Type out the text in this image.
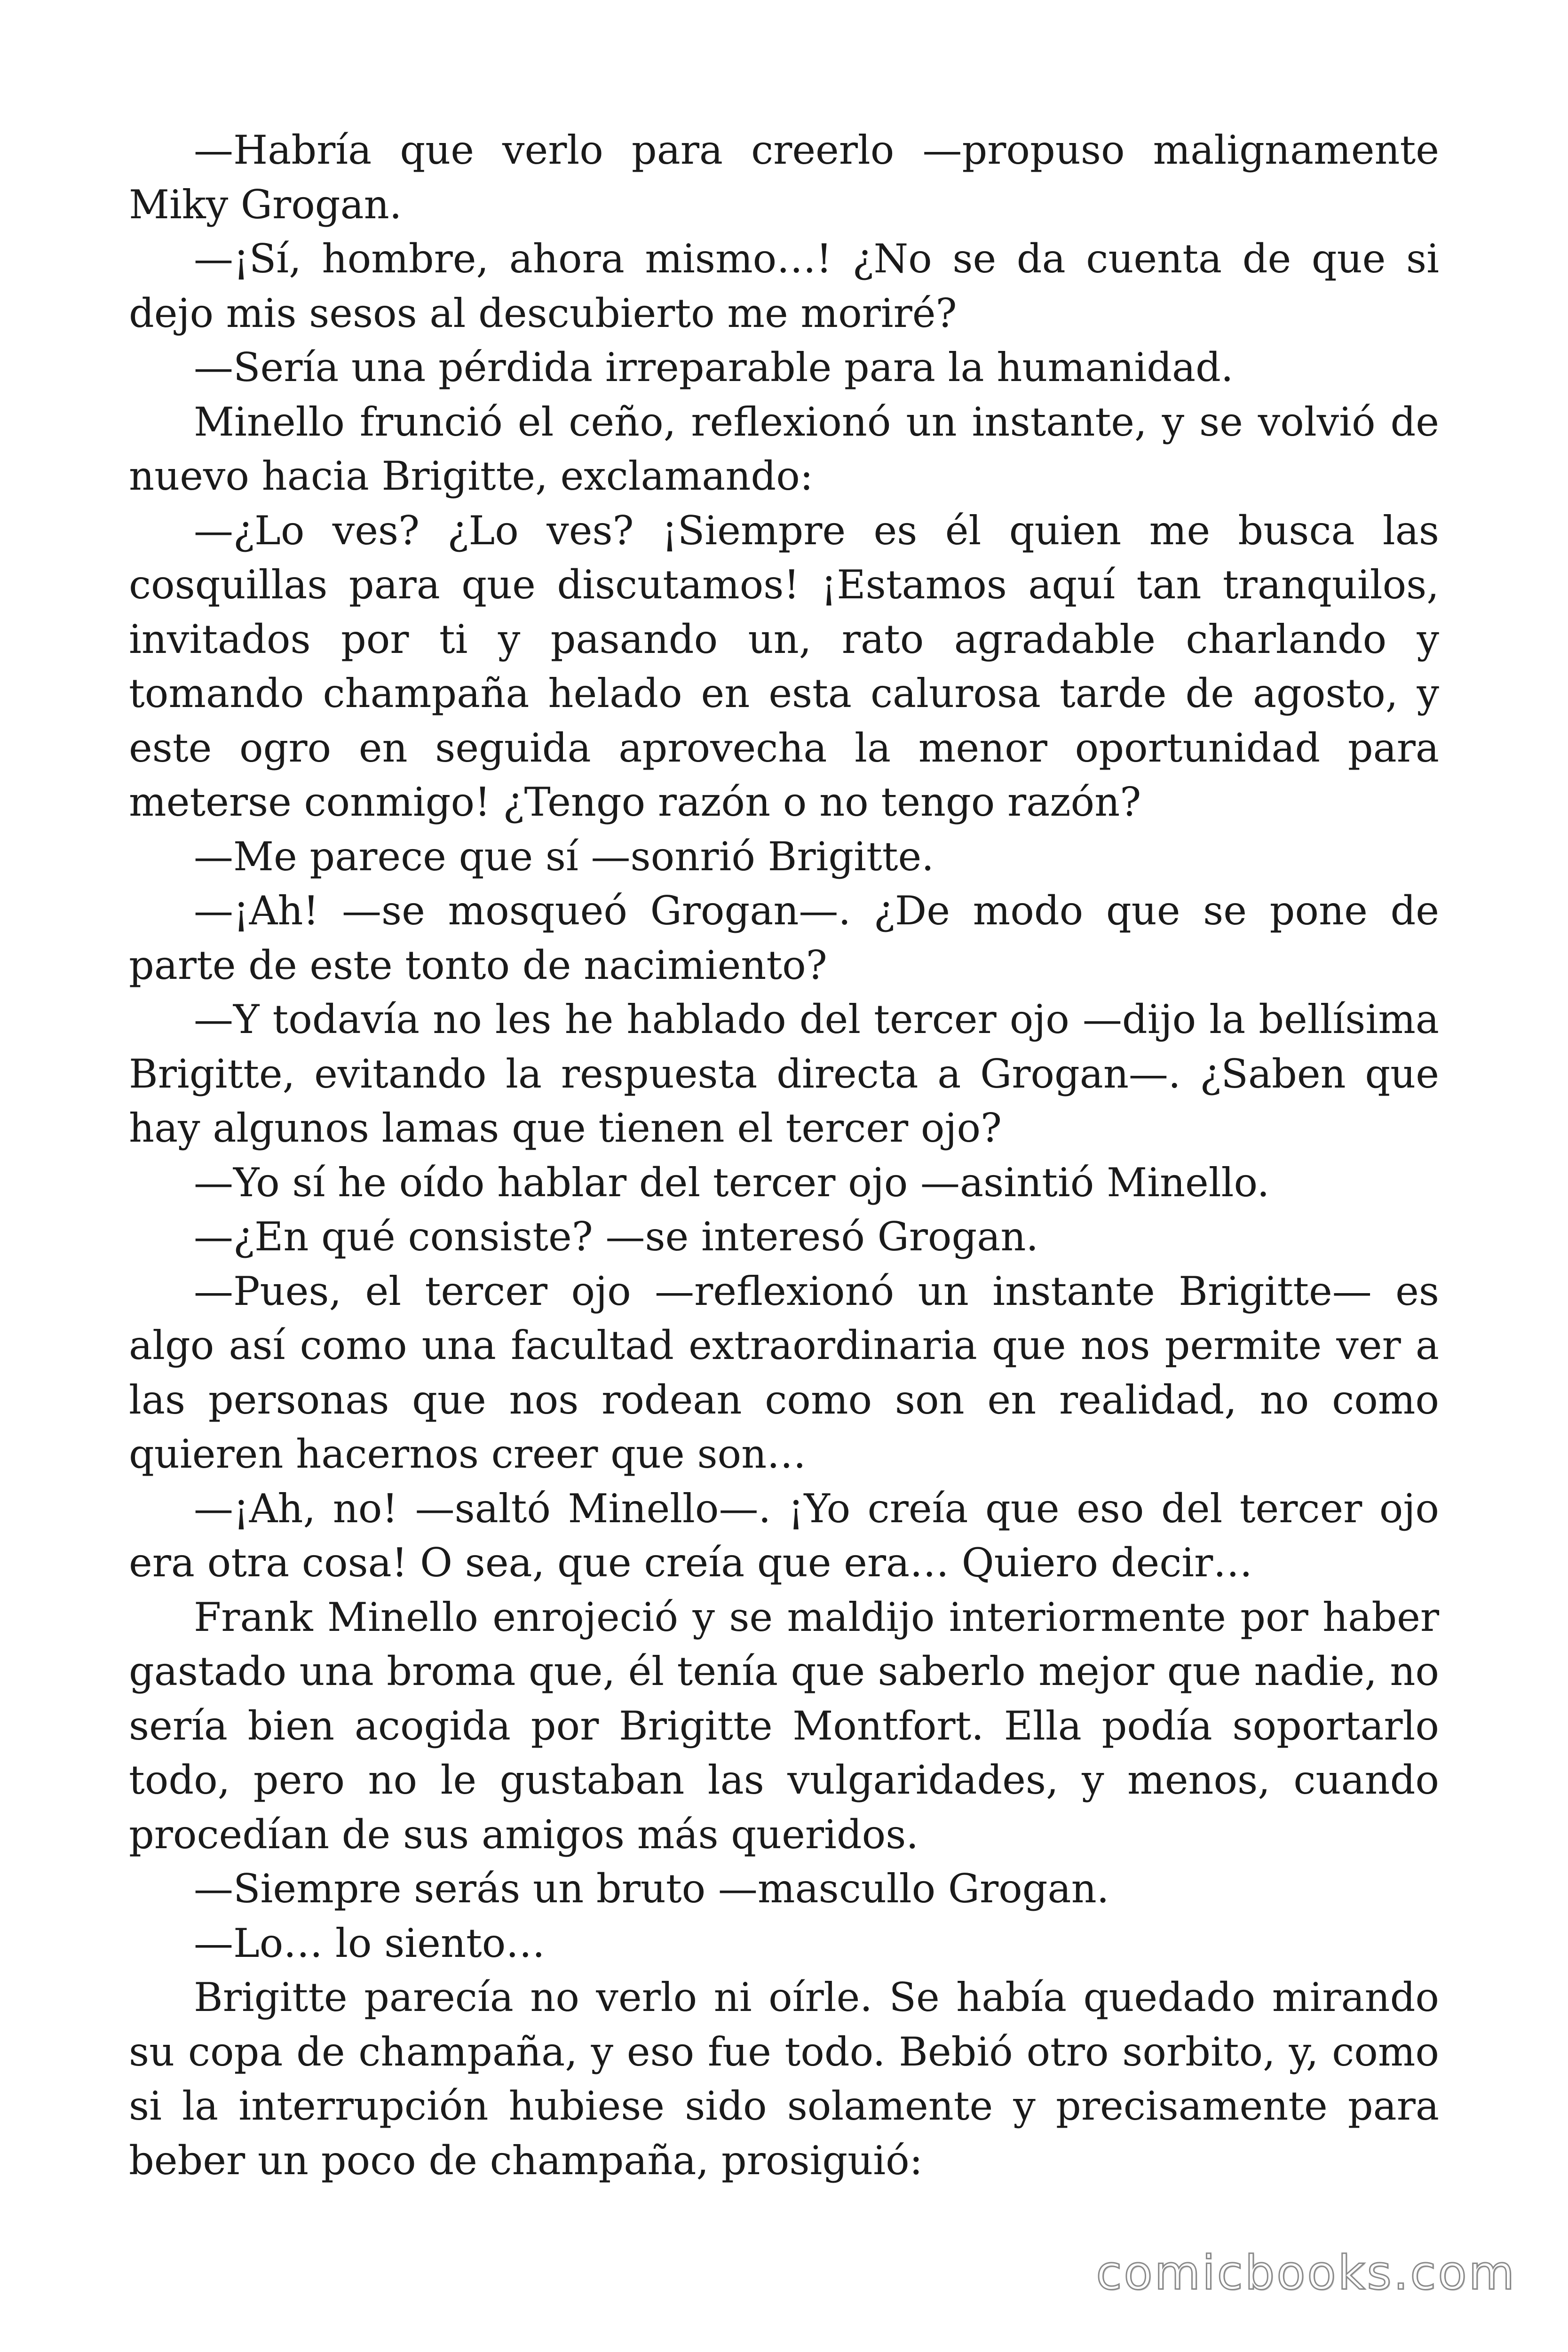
—Habría que verlo para creerlo —propuso malignamente Miky Grogan.

—¡Sí, hombre, ahora mismo…! ¿No se da cuenta de que si dejo mis sesos al descubierto me moriré?

—Sería una pérdida irreparable para la humanidad.

Minello frunció el ceño, reflexionó un instante, y se volvió de nuevo hacia Brigitte, exclamando:

—¿Lo ves? ¿Lo ves? ¡Siempre es él quien me busca las cosquillas para que discutamos! ¡Estamos aquí tan tranquilos, invitados por ti y pasando un, rato agradable charlando y tomando champaña helado en esta calurosa tarde de agosto, y este ogro en seguida aprovecha la menor oportunidad para meterse conmigo! ¿Tengo razón o no tengo razón?

—Me parece que sí —sonrió Brigitte.

—¡Ah! —se mosqueó Grogan—. ¿De modo que se pone de parte de este tonto de nacimiento?

—Y todavía no les he hablado del tercer ojo —dijo la bellísima Brigitte, evitando la respuesta directa a Grogan—. ¿Saben que hay algunos lamas que tienen el tercer ojo?

—Yo sí he oído hablar del tercer ojo —asintió Minello.

—¿En qué consiste? —se interesó Grogan.

—Pues, el tercer ojo —reflexionó un instante Brigitte— es algo así como una facultad extraordinaria que nos permite ver a las personas que nos rodean como son en realidad, no como quieren hacernos creer que son…

—¡Ah, no! —saltó Minello—. ¡Yo creía que eso del tercer ojo era otra cosa! O sea, que creía que era… Quiero decir…

Frank Minello enrojeció y se maldijo interiormente por haber gastado una broma que, él tenía que saberlo mejor que nadie, no sería bien acogida por Brigitte Montfort. Ella podía soportarlo todo, pero no le gustaban las vulgaridades, y menos, cuando procedían de sus amigos más queridos.

—Siempre serás un bruto —mascullo Grogan.

—Lo… lo siento…

Brigitte parecía no verlo ni oírle. Se había quedado mirando su copa de champaña, y eso fue todo. Bebió otro sorbito, y, como si la interrupción hubiese sido solamente y precisamente para beber un poco de champaña, prosiguió:

comicbooks.com
